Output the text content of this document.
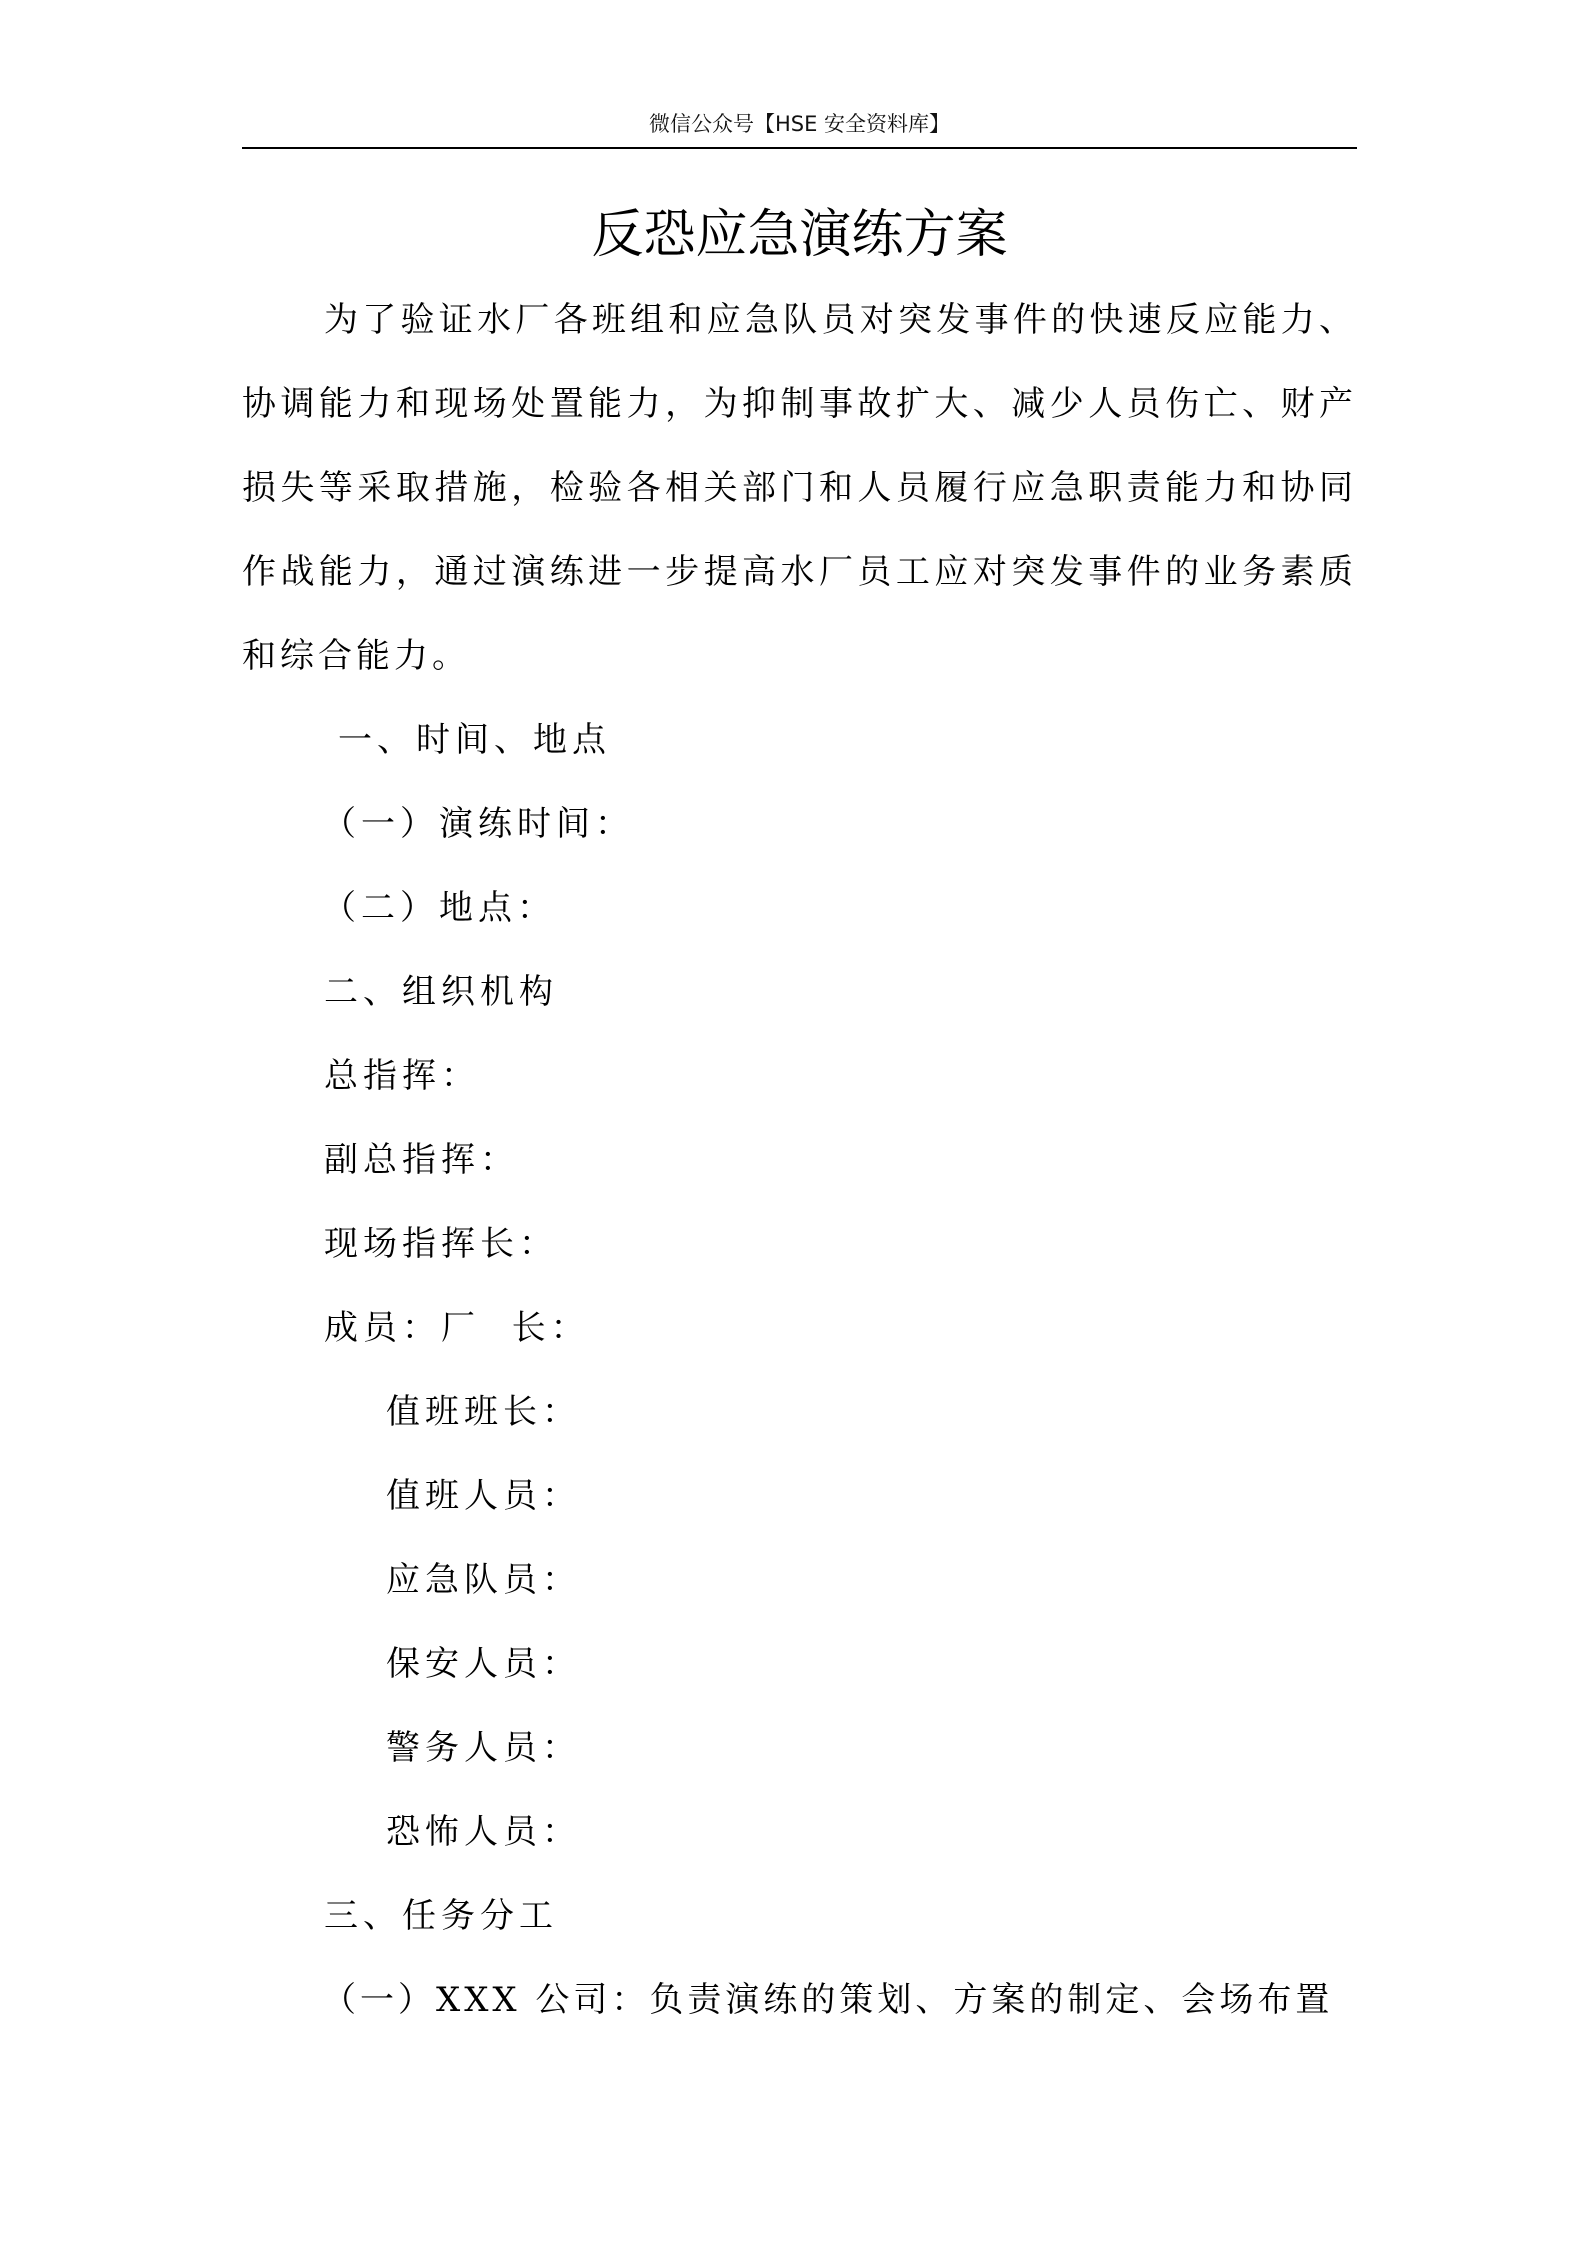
微信公众号【HSE 安全资料库】
反恐应急演练方案

为了验证水厂各班组和应急队员对突发事件的快速反应能力、协调能力和现场处置能力，为抑制事故扩大、减少人员伤亡、财产损失等采取措施，检验各相关部门和人员履行应急职责能力和协同作战能力，通过演练进一步提高水厂员工应对突发事件的业务素质和综合能力。

一、时间、地点

（一）演练时间：

（二）地点：

二、组织机构

总指挥：

副总指挥：

现场指挥长：

成员：厂  长：

值班班长：

值班人员：

应急队员：

保安人员：

警务人员：

恐怖人员：

三、任务分工

（一）XXX 公司：负责演练的策划、方案的制定、会场布置
